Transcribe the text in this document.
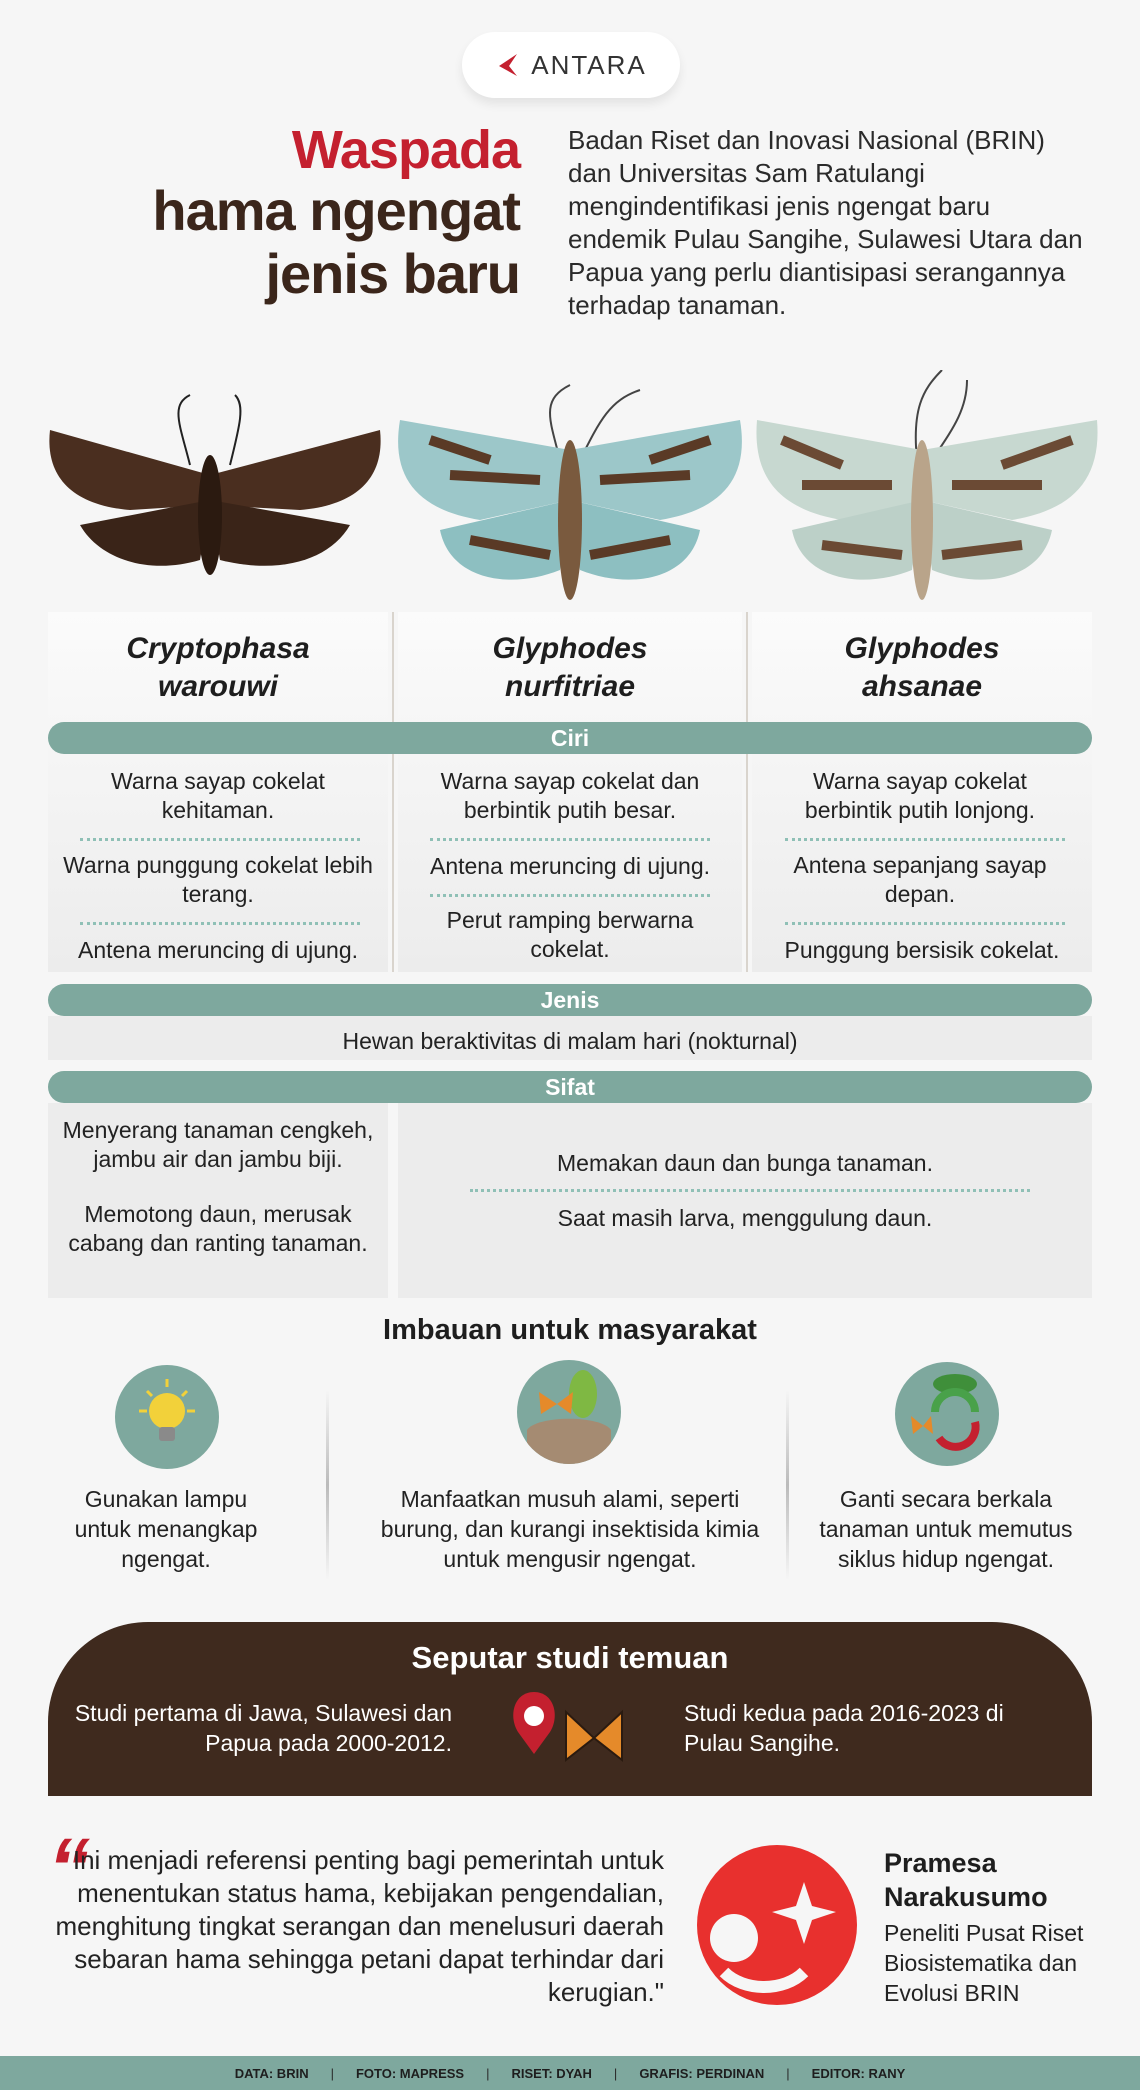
ANTARA
Waspada
hama ngengat
jenis baru
Badan Riset dan Inovasi Nasional (BRIN) dan Universitas Sam Ratulangi mengindentifikasi jenis ngengat baru endemik Pulau Sangihe, Sulawesi Utara dan Papua yang perlu diantisipasi serangannya terhadap tanaman.
Cryptophasa
warouwi
Glyphodes
nurfitriae
Glyphodes
ahsanae
Ciri
Warna sayap cokelat kehitaman.
Warna punggung cokelat lebih terang.
Antena meruncing di ujung.
Warna sayap cokelat dan berbintik putih besar.
Antena meruncing di ujung.
Perut ramping berwarna cokelat.
Warna sayap cokelat berbintik putih lonjong.
Antena sepanjang sayap depan.
Punggung bersisik cokelat.
Jenis
Hewan beraktivitas di malam hari (nokturnal)
Sifat
Menyerang tanaman cengkeh, jambu air dan jambu biji.
Memotong daun, merusak cabang dan ranting tanaman.
Memakan daun dan bunga tanaman.
Saat masih larva, menggulung daun.
Imbauan untuk masyarakat
Gunakan lampu untuk menangkap ngengat.
Manfaatkan musuh alami, seperti burung, dan kurangi insektisida kimia untuk mengusir ngengat.
Ganti secara berkala tanaman untuk memutus siklus hidup ngengat.
Seputar studi temuan
Studi pertama di Jawa, Sulawesi dan Papua pada 2000-2012.
Studi kedua pada 2016-2023 di Pulau Sangihe.
“
Ini menjadi referensi penting bagi pemerintah untuk menentukan status hama, kebijakan pengendalian, menghitung tingkat serangan dan menelusuri daerah sebaran hama sehingga petani dapat terhindar dari kerugian."
Pramesa Narakusumo
Peneliti Pusat Riset Biosistematika dan Evolusi BRIN
DATA: BRIN | FOTO: MAPRESS | RISET: DYAH | GRAFIS: PERDINAN | EDITOR: RANY
